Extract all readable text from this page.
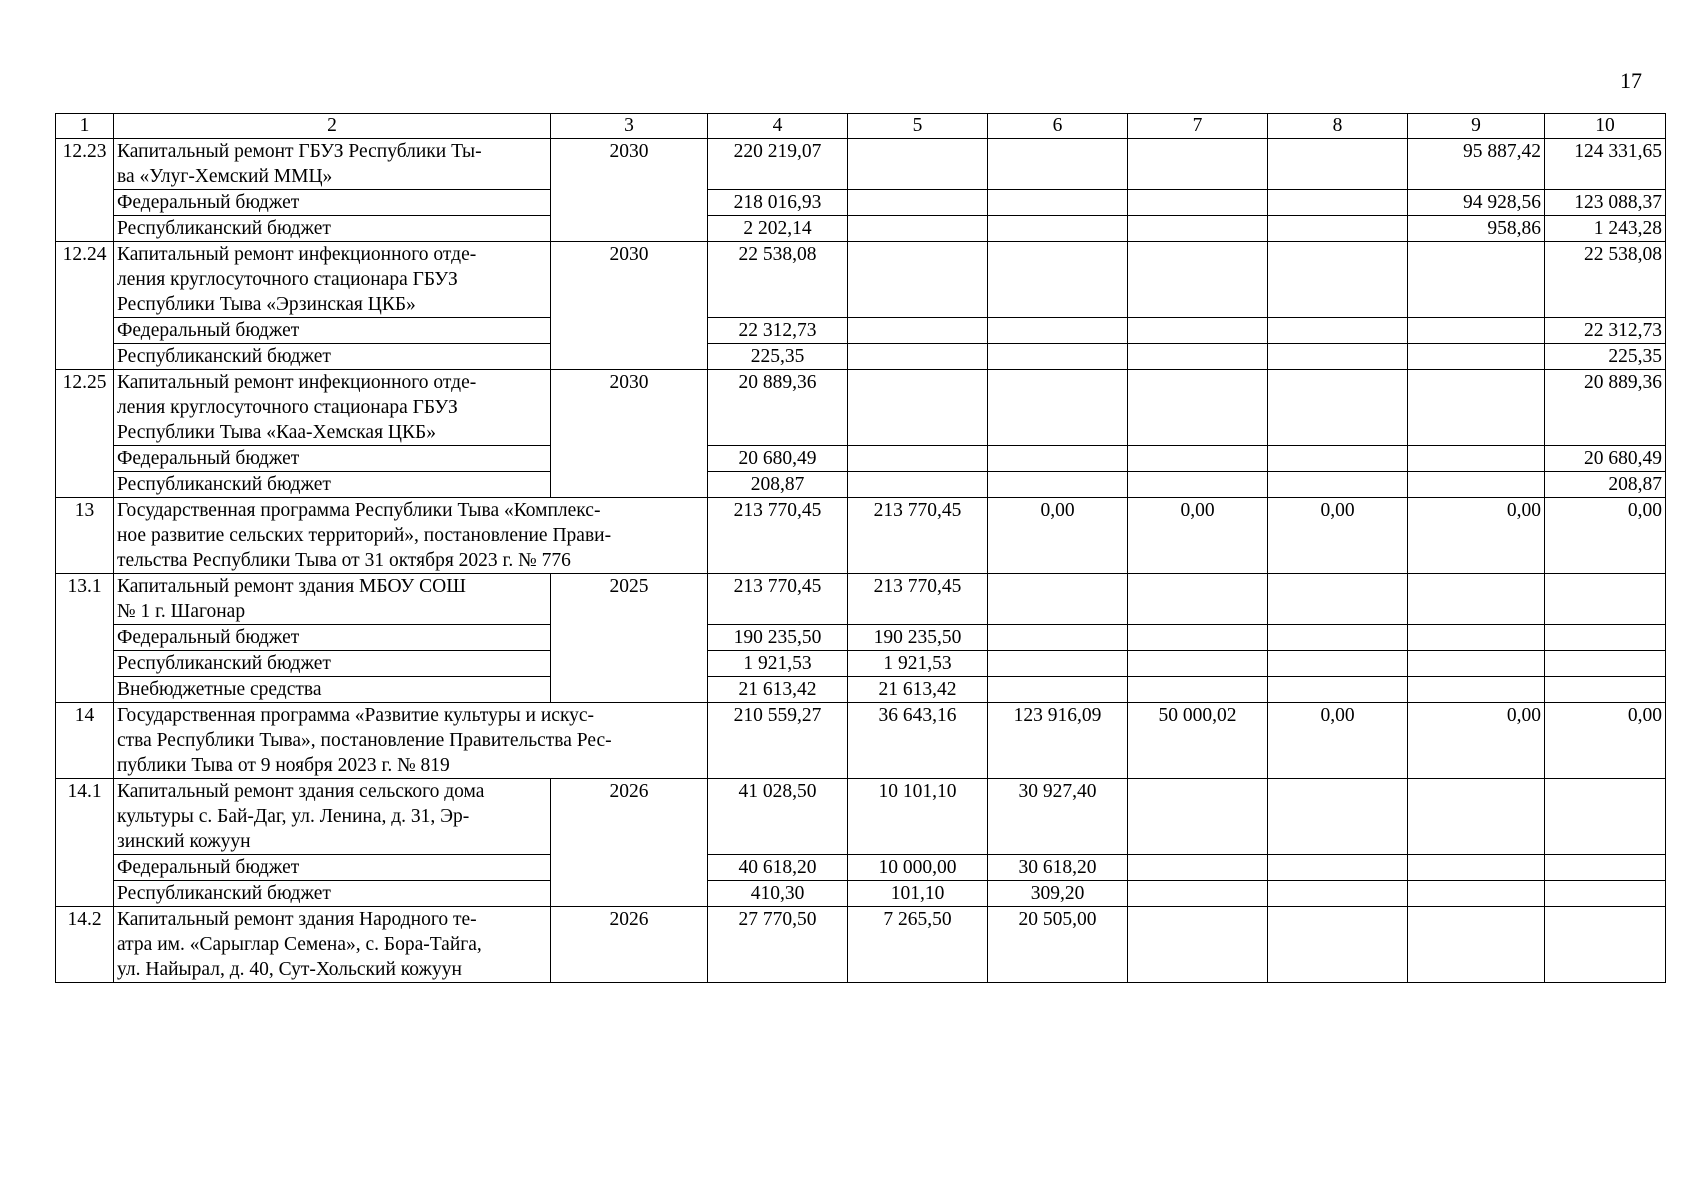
17
1	2	3	4	5	6	7	8	9	10
12.23	Капитальный ремонт ГБУЗ Республики Ты-
ва «Улуг-Хемский ММЦ»	2030	220 219,07					95 887,42	124 331,65
	Федеральный бюджет		218 016,93					94 928,56	123 088,37
	Республиканский бюджет		2 202,14					958,86	1 243,28
12.24	Капитальный ремонт инфекционного отде-
ления круглосуточного стационара ГБУЗ
Республики Тыва «Эрзинская ЦКБ»	2030	22 538,08						22 538,08
	Федеральный бюджет		22 312,73						22 312,73
	Республиканский бюджет		225,35						225,35
12.25	Капитальный ремонт инфекционного отде-
ления круглосуточного стационара ГБУЗ
Республики Тыва «Каа-Хемская ЦКБ»	2030	20 889,36						20 889,36
	Федеральный бюджет		20 680,49						20 680,49
	Республиканский бюджет		208,87						208,87
13	Государственная программа Республики Тыва «Комплекс-
ное развитие сельских территорий», постановление Прави-
тельства Республики Тыва от 31 октября 2023 г. № 776		213 770,45	213 770,45	0,00	0,00	0,00	0,00	0,00
13.1	Капитальный ремонт здания МБОУ СОШ
№ 1 г. Шагонар	2025	213 770,45	213 770,45					
	Федеральный бюджет		190 235,50	190 235,50					
	Республиканский бюджет		1 921,53	1 921,53					
	Внебюджетные средства		21 613,42	21 613,42					
14	Государственная программа «Развитие культуры и искус-
ства Республики Тыва», постановление Правительства Рес-
публики Тыва от 9 ноября 2023 г. № 819		210 559,27	36 643,16	123 916,09	50 000,02	0,00	0,00	0,00
14.1	Капитальный ремонт здания сельского дома
культуры с. Бай-Даг, ул. Ленина, д. 31, Эр-
зинский кожуун	2026	41 028,50	10 101,10	30 927,40				
	Федеральный бюджет		40 618,20	10 000,00	30 618,20				
	Республиканский бюджет		410,30	101,10	309,20				
14.2	Капитальный ремонт здания Народного те-
атра им. «Сарыглар Семена», с. Бора-Тайга,
ул. Найырал, д. 40, Сут-Хольский кожуун	2026	27 770,50	7 265,50	20 505,00				
